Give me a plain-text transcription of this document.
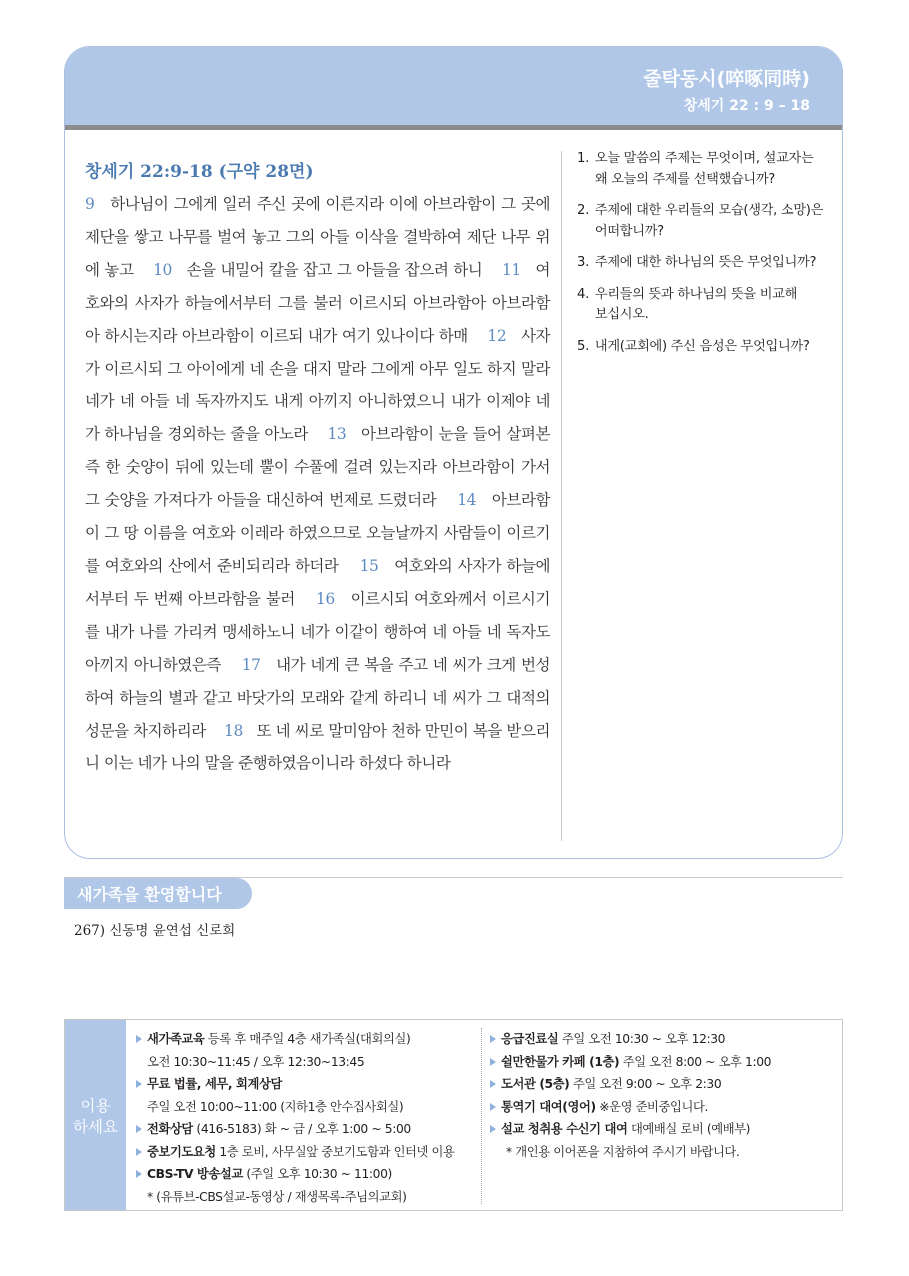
줄탁동시(啐啄同時)
창세기 22 : 9 – 18

창세기 22:9-18 (구약 28면)

9 하나님이 그에게 일러 주신 곳에 이른지라 이에 아브라함이 그 곳에 제단을 쌓고 나무를 벌여 놓고 그의 아들 이삭을 결박하여 제단 나무 위에 놓고 10 손을 내밀어 칼을 잡고 그 아들을 잡으려 하니 11 여호와의 사자가 하늘에서부터 그를 불러 이르시되 아브라함아 아브라함아 하시는지라 아브라함이 이르되 내가 여기 있나이다 하매 12 사자가 이르시되 그 아이에게 네 손을 대지 말라 그에게 아무 일도 하지 말라 네가 네 아들 네 독자까지도 내게 아끼지 아니하였으니 내가 이제야 네가 하나님을 경외하는 줄을 아노라 13 아브라함이 눈을 들어 살펴본즉 한 숫양이 뒤에 있는데 뿔이 수풀에 걸려 있는지라 아브라함이 가서 그 숫양을 가져다가 아들을 대신하여 번제로 드렸더라 14 아브라함이 그 땅 이름을 여호와 이레라 하였으므로 오늘날까지 사람들이 이르기를 여호와의 산에서 준비되리라 하더라 15 여호와의 사자가 하늘에서부터 두 번째 아브라함을 불러 16 이르시되 여호와께서 이르시기를 내가 나를 가리켜 맹세하노니 네가 이같이 행하여 네 아들 네 독자도 아끼지 아니하였은즉 17 내가 네게 큰 복을 주고 네 씨가 크게 번성하여 하늘의 별과 같고 바닷가의 모래와 같게 하리니 네 씨가 그 대적의 성문을 차지하리라 18 또 네 씨로 말미암아 천하 만민이 복을 받으리니 이는 네가 나의 말을 준행하였음이니라 하셨다 하니라

1. 오늘 말씀의 주제는 무엇이며, 설교자는
왜 오늘의 주제를 선택했습니까?
2. 주제에 대한 우리들의 모습(생각, 소망)은
어떠합니까?
3. 주제에 대한 하나님의 뜻은 무엇입니까?
4. 우리들의 뜻과 하나님의 뜻을 비교해
보십시오.
5. 내게(교회에) 주신 음성은 무엇입니까?
새가족을 환영합니다
267) 신동명 윤연섭 신로희
이용
하세요
새가족교육 등록 후 매주일 4층 새가족실(대회의실)
오전 10:30~11:45 / 오후 12:30~13:45
무료 법률, 세무, 회계상담
주일 오전 10:00~11:00 (지하1층 안수집사회실)
전화상담 (416-5183) 화 ~ 금 / 오후 1:00 ~ 5:00
중보기도요청 1층 로비, 사무실앞 중보기도함과 인터넷 이용
CBS-TV 방송설교 (주일 오후 10:30 ~ 11:00)
* (유튜브-CBS설교-동영상 / 재생목록-주님의교회)
응급진료실 주일 오전 10:30 ~ 오후 12:30
쉴만한물가 카페 (1층) 주일 오전 8:00 ~ 오후 1:00
도서관 (5층) 주일 오전 9:00 ~ 오후 2:30
통역기 대여(영어) ※운영 준비중입니다.
설교 청취용 수신기 대여 대예배실 로비 (예배부)
* 개인용 이어폰을 지참하여 주시기 바랍니다.
